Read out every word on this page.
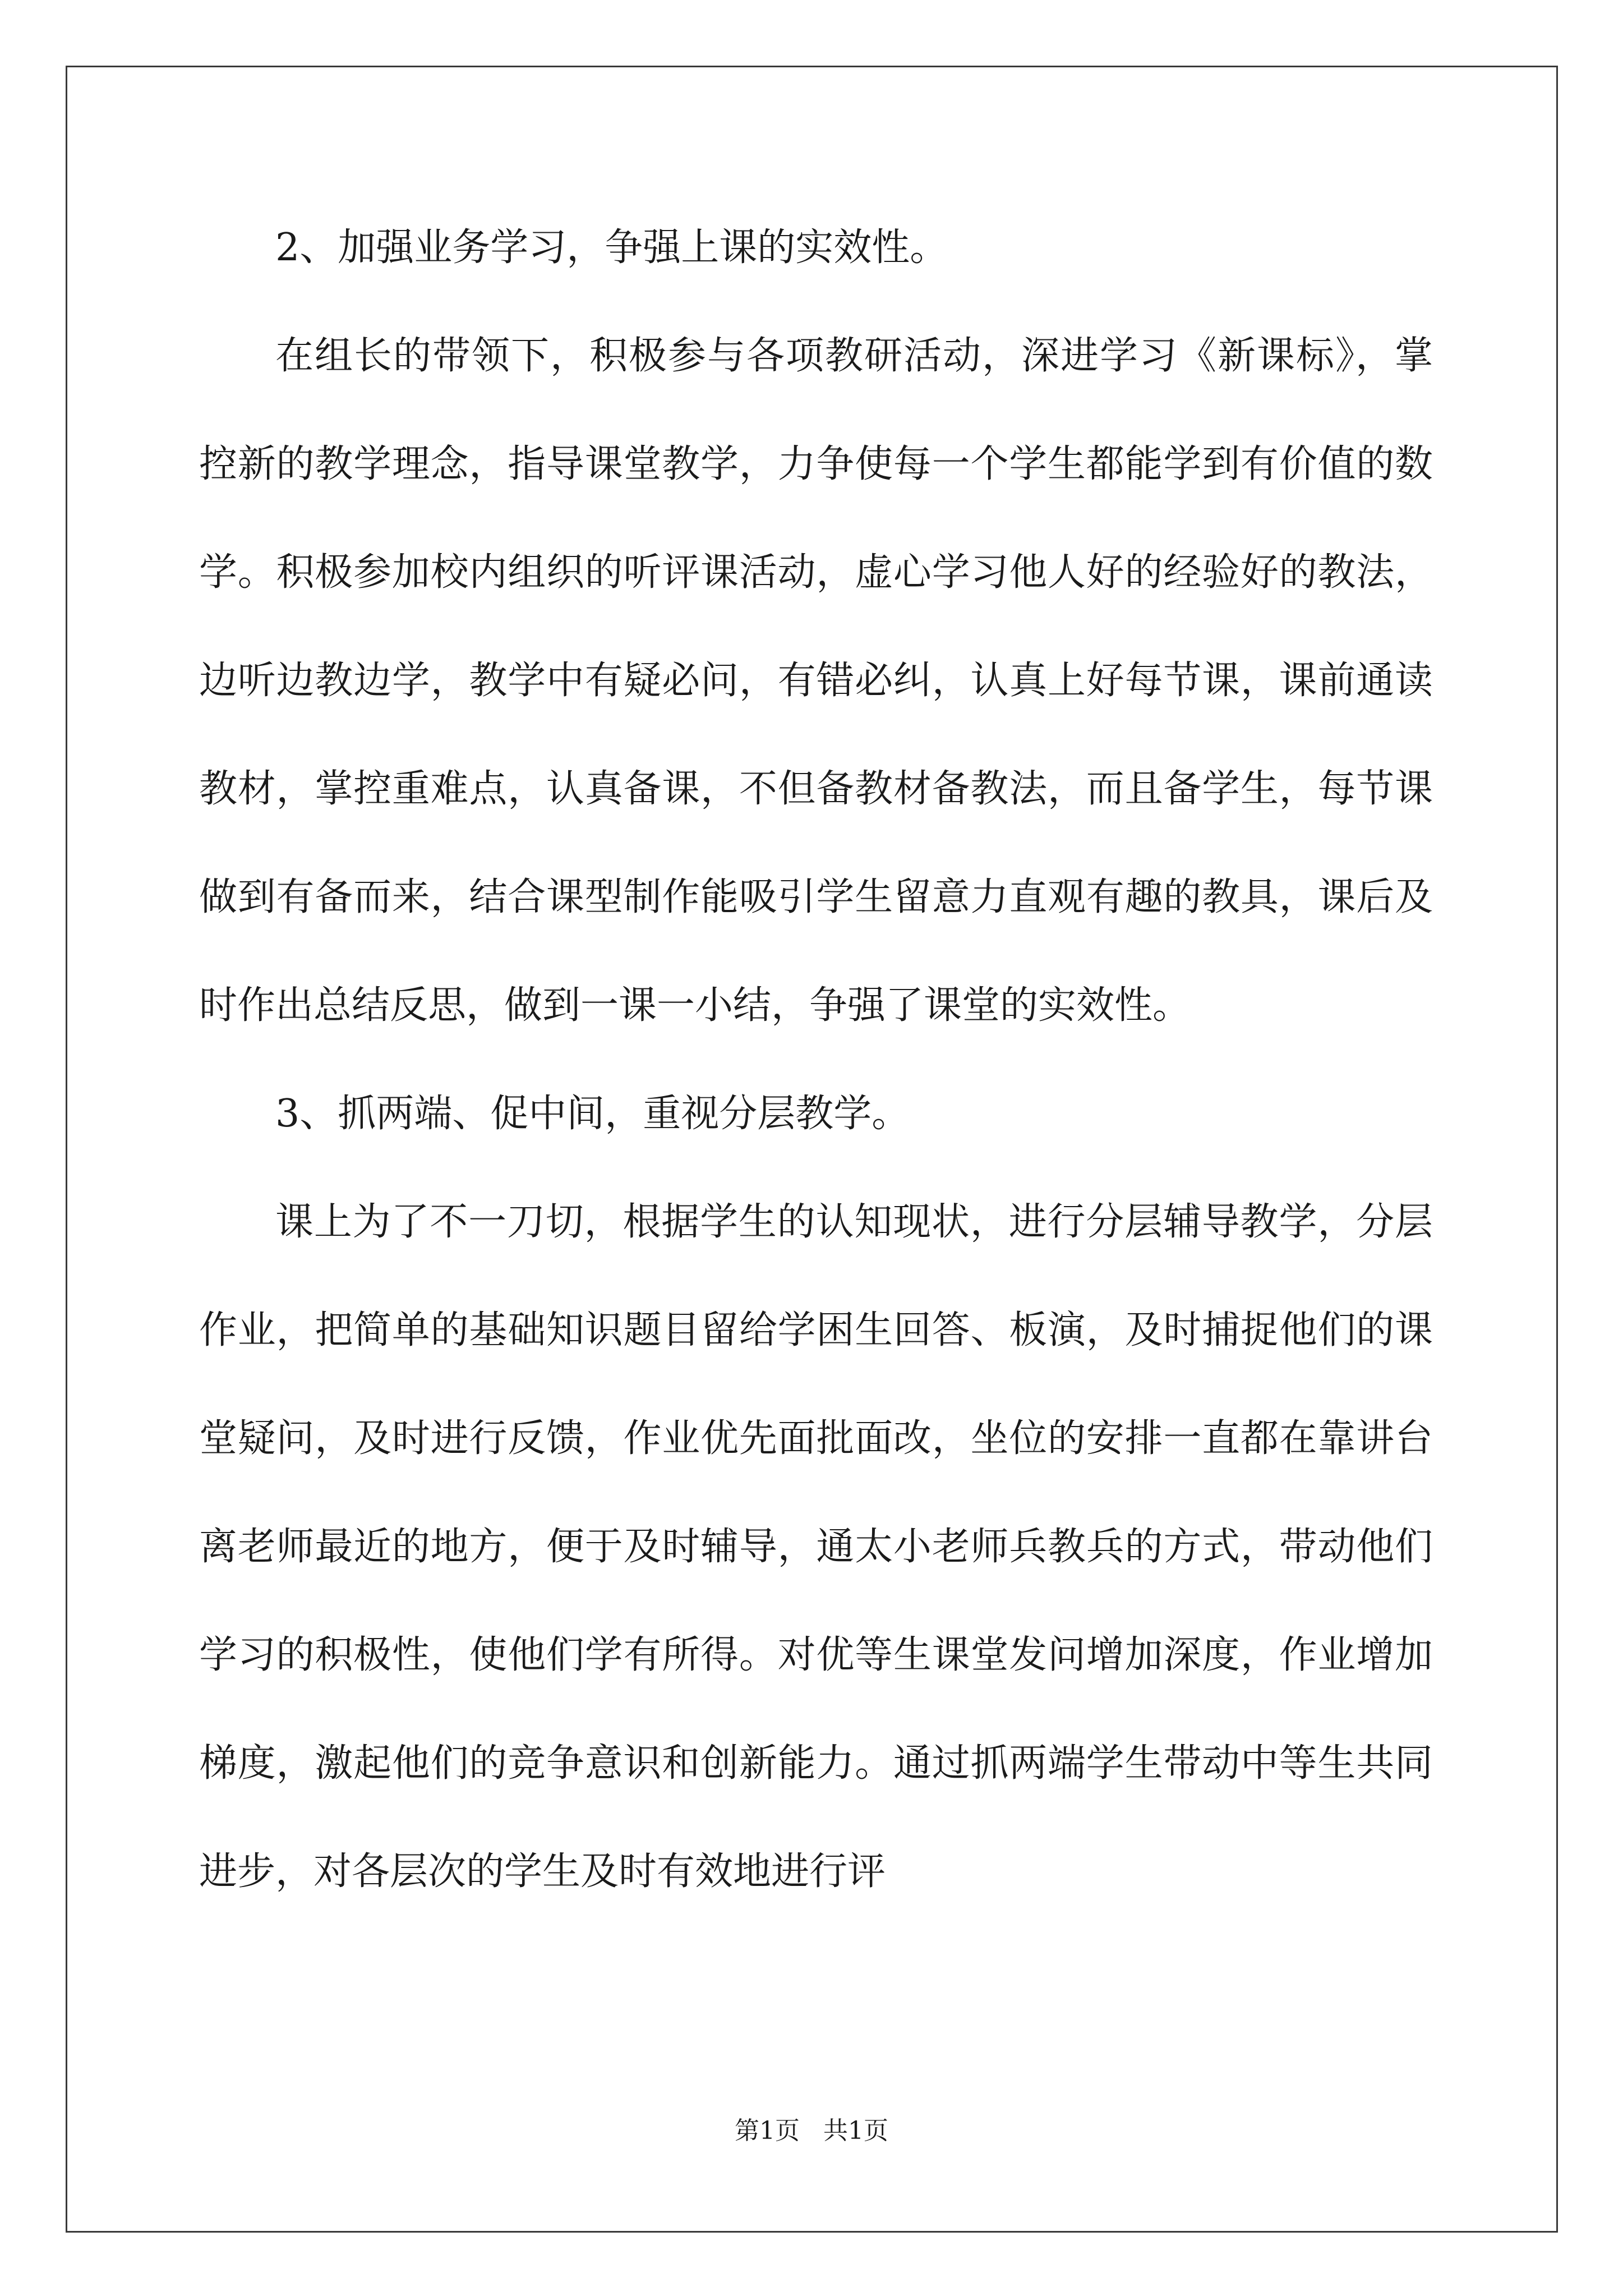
2、加强业务学习，争强上课的实效性。

在组长的带领下，积极参与各项教研活动，深进学习《新课标》，掌控新的教学理念，指导课堂教学，力争使每一个学生都能学到有价值的数学。积极参加校内组织的听评课活动，虚心学习他人好的经验好的教法，边听边教边学，教学中有疑必问，有错必纠，认真上好每节课，课前通读教材，掌控重难点，认真备课，不但备教材备教法，而且备学生，每节课做到有备而来，结合课型制作能吸引学生留意力直观有趣的教具，课后及时作出总结反思，做到一课一小结，争强了课堂的实效性。

3、抓两端、促中间，重视分层教学。

课上为了不一刀切，根据学生的认知现状，进行分层辅导教学，分层作业，把简单的基础知识题目留给学困生回答、板演，及时捕捉他们的课堂疑问，及时进行反馈，作业优先面批面改，坐位的安排一直都在靠讲台离老师最近的地方，便于及时辅导，通太小老师兵教兵的方式，带动他们学习的积极性，使他们学有所得。对优等生课堂发问增加深度，作业增加梯度，激起他们的竞争意识和创新能力。通过抓两端学生带动中等生共同进步，对各层次的学生及时有效地进行评

第1页   共1页
